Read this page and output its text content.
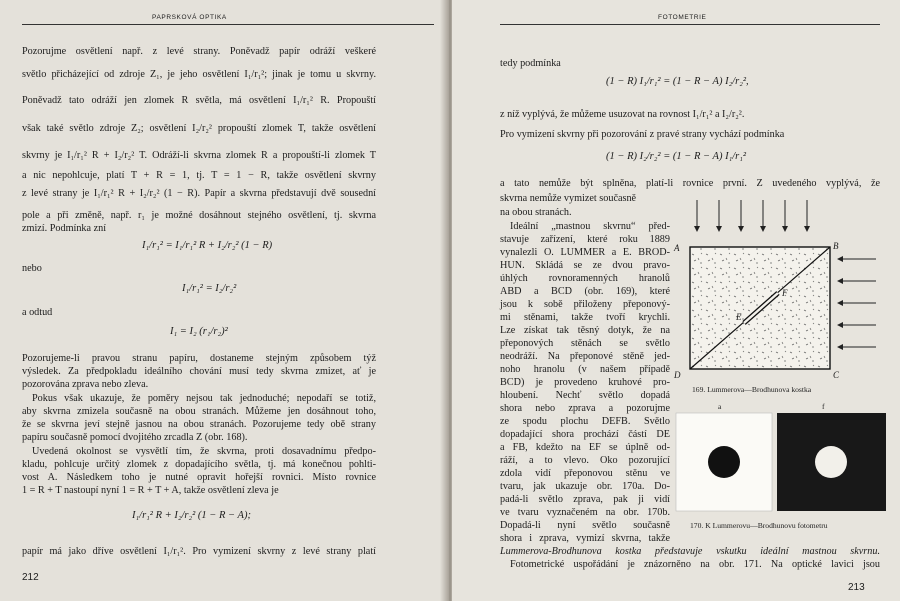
PAPRSKOVÁ OPTIKA
Pozorujme osvětlení např. z levé strany. Poněvadž papír odráží veškeré
světlo přicházející od zdroje Z₁, je jeho osvětlení I₁/r₁²; jinak je tomu u skvrny.
Poněvadž tato odráží jen zlomek R světla, má osvětlení I₁/r₁² R. Propouští
však také světlo zdroje Z₂; osvětlení I₂/r₂² propouští zlomek T, takže osvětlení
skvrny je I₁/r₁² R + I₂/r₂² T. Odráží-li skvrna zlomek R a propouští-li zlomek T
a nic nepohlcuje, platí T + R = 1, tj. T = 1 − R, takže osvětlení skvrny
z levé strany je I₁/r₁² R + I₂/r₂² (1 − R). Papír a skvrna představují dvě sousední
pole a při změně, např. r₁ je možné dosáhnout stejného osvětlení, tj. skvrna
zmizí. Podmínka zní
I₁/r₁² = I₁/r₁² R + I₂/r₂² (1 − R)
nebo
I₁/r₁² = I₂/r₂²
a odtud
I₁ = I₂ (r₁/r₂)²
Pozorujeme-li pravou stranu papíru, dostaneme stejným způsobem týž
výsledek. Za předpokladu ideálního chování musí tedy skvrna zmizet, ať je
pozorována zprava nebo zleva.
Pokus však ukazuje, že poměry nejsou tak jednoduché; nepodaří se totiž,
aby skvrna zmizela současně na obou stranách. Můžeme jen dosáhnout toho,
že se skvrna jeví stejně jasnou na obou stranách. Pozorujeme tedy obě strany
papíru současně pomocí dvojitého zrcadla Z (obr. 168).
Uvedená okolnost se vysvětlí tím, že skvrna, proti dosavadnímu předpo-
kladu, pohlcuje určitý zlomek z dopadajícího světla, tj. má konečnou pohlti-
vost A. Následkem toho je nutné opravit hořejší rovnici. Místo rovnice
1 = R + T nastoupí nyní 1 = R + T + A, takže osvětlení zleva je
I₁/r₁² R + I₂/r₂² (1 − R − A);
papír má jako dříve osvětlení I₁/r₁². Pro vymizení skvrny z levé strany platí
212
FOTOMETRIE
tedy podmínka
(1 − R) I₁/r₁² = (1 − R − A) I₂/r₂²,
z níž vyplývá, že můžeme usuzovat na rovnost I₁/r₁² a I₂/r₂².
Pro vymizení skvrny při pozorování z pravé strany vychází podmínka
(1 − R) I₂/r₂² = (1 − R − A) I₁/r₁²
a tato nemůže být splněna, platí-li rovnice první. Z uvedeného vyplývá, že
skvrna nemůže vymizet současně
na obou stranách.
Ideální „mastnou skvrnu“ před-
stavuje zařízení, které roku 1889
vynalezli O. LUMMER a E. BROD-
HUN. Skládá se ze dvou pravo-
úhlých rovnoramenných hranolů
ABD a BCD (obr. 169), které
jsou k sobě přiloženy přeponový-
mi stěnami, takže tvoří krychli.
Lze získat tak těsný dotyk, že na
přeponových stěnách se světlo
neodráží. Na přeponové stěně jed-
noho hranolu (v našem případě
BCD) je provedeno kruhové pro-
hloubení. Nechť světlo dopadá
shora nebo zprava a pozorujme
ze spodu plochu DEFB. Světlo
dopadající shora prochází částí DE
a FB, kdežto na EF se úplně od-
ráží, a to vlevo. Oko pozorující
zdola vidí přeponovou stěnu ve
tvaru, jak ukazuje obr. 170a. Do-
padá-li světlo zprava, pak ji vidí
ve tvaru vyznačeném na obr. 170b.
Dopadá-li nyní světlo současně
shora i zprava, vymizí skvrna, takže
Lummerova-Brodhunova kostka představuje vskutku ideální mastnou skvrnu.
Fotometrické uspořádání je znázorněno na obr. 171. Na optické lavici jsou
A	B
C
D
E
F
169. Lummerova—Brodhunova kostka
a	f
170. K Lummerovu—Brodhunovu fotometru
213
